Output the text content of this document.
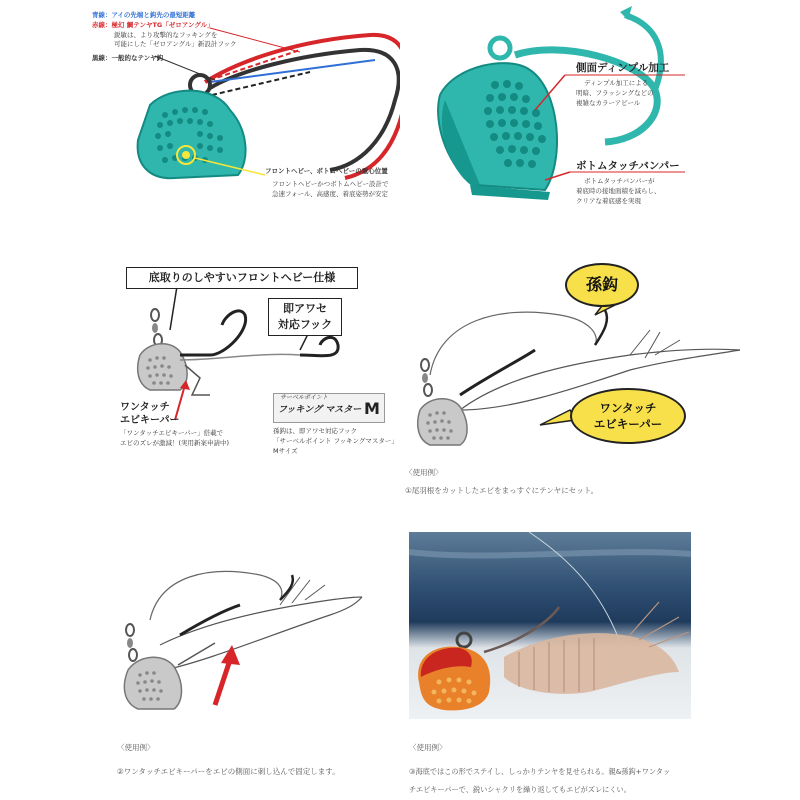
青線：アイの先端と鈎先の最短距離
赤線：極幻 鯛テンヤTG「ゼロアングル」
鋭敏は、より攻撃的なフッキングを
可能にした「ゼロアングル」新設計フック
黒線：一般的なテンヤ鈎
フロントヘビー、ボトムヘビーの重心位置
フロントヘビーかつボトムヘビー設計で
急速フォール、高感度、着底姿勢が安定
側面ディンプル加工
ディンプル加工による
明暗、フラッシングなどの
複雑なカラーアピール
ボトムタッチバンパー
ボトムタッチバンパーが
着底時の接地面積を減らし、
クリアな着底感を実現
底取りのしやすいフロントヘビー仕様
即アワセ
対応フック
ワンタッチ
エビキーパー
「ワンタッチエビキーパー」搭載で
エビのズレが激減！(実用新案申請中)
サーベルポイント
フッキング マスター M
孫鈎は、即アワセ対応フック
「サーベルポイント フッキングマスター」
Mサイズ
孫鈎
ワンタッチ
エビキーパー
〈使用例〉
①尾羽根をカットしたエビをまっすぐにテンヤにセット。
〈使用例〉
②ワンタッチエビキーパーをエビの側面に刺し込んで固定します。
〈使用例〉
③海底ではこの形でステイし、しっかりテンヤを見せられる。親&孫鈎+ワンタッ
チエビキーパーで、鋭いシャクリを繰り返してもエビがズレにくい。
